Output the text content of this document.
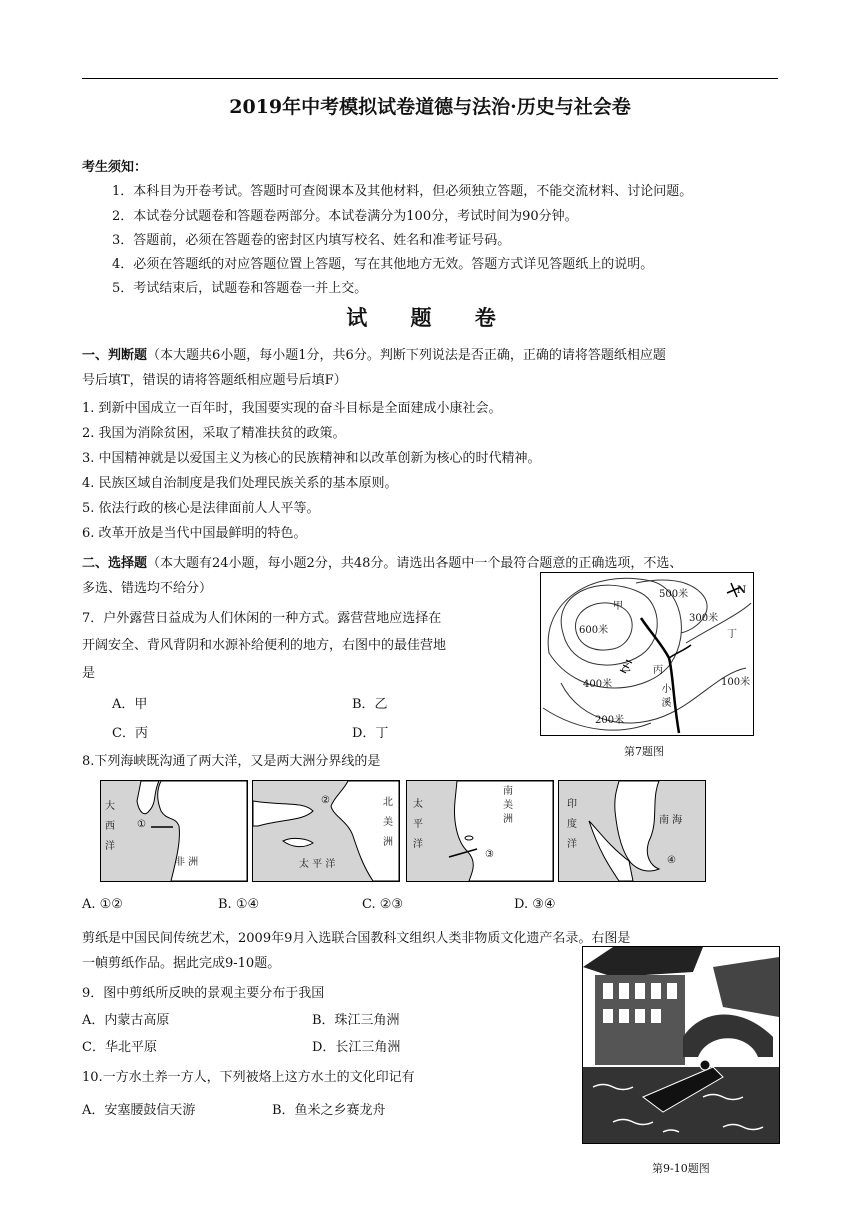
2019年中考模拟试卷道德与法治·历史与社会卷
考生须知：
1．本科目为开卷考试。答题时可查阅课本及其他材料，但必须独立答题，不能交流材料、讨论问题。
2．本试卷分试题卷和答题卷两部分。本试卷满分为100分，考试时间为90分钟。
3．答题前，必须在答题卷的密封区内填写校名、姓名和准考证号码。
4．必须在答题纸的对应答题位置上答题，写在其他地方无效。答题方式详见答题纸上的说明。
5．考试结束后，试题卷和答题卷一并上交。
试 题 卷
一、判断题（本大题共6小题，每小题1分，共6分。判断下列说法是否正确，正确的请将答题纸相应题
号后填T，错误的请将答题纸相应题号后填F）
1. 到新中国成立一百年时，我国要实现的奋斗目标是全面建成小康社会。
2. 我国为消除贫困，采取了精准扶贫的政策。
3. 中国精神就是以爱国主义为核心的民族精神和以改革创新为核心的时代精神。
4. 民族区域自治制度是我们处理民族关系的基本原则。
5. 依法行政的核心是法律面前人人平等。
6. 改革开放是当代中国最鲜明的特色。
二、选择题（本大题有24小题，每小题2分，共48分。请选出各题中一个最符合题意的正确选项，不选、
多选、错选均不给分）
7．户外露营日益成为人们休闲的一种方式。露营营地应选择在
开阔安全、背风背阴和水源补给便利的地方，右图中的最佳营地
是
A．甲	B．乙
C．丙	D．丁
600米
500米
300米
400米
200米
100米
甲
乙 丙
丁
小溪
N
第7题图
8.下列海峡既沟通了两大洋，又是两大洲分界线的是
大西洋
①
非 洲
②	北美洲
太 平 洋
太平洋
南美洲
③
印度洋
南 海
④
A. ①②	B. ①④	C. ②③	D. ③④
剪纸是中国民间传统艺术，2009年9月入选联合国教科文组织人类非物质文化遗产名录。右图是
一幀剪纸作品。据此完成9-10题。
9．图中剪纸所反映的景观主要分布于我国
A．内蒙古高原	B．珠江三角洲
C．华北平原	D．长江三角洲
10.一方水土养一方人，下列被烙上这方水土的文化印记有
A．安塞腰鼓信天游	B．鱼米之乡赛龙舟
第9-10题图
